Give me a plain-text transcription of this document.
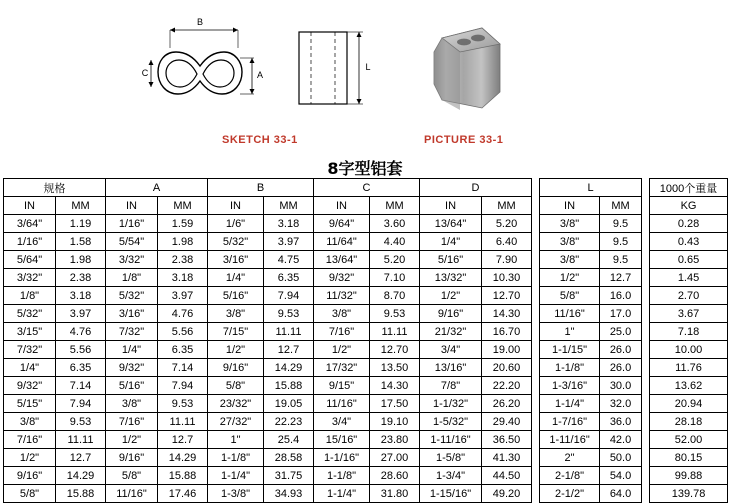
B
C	A
L
SKETCH 33-1	PICTURE 33-1
8字型铝套
规格		A		B		C		D			L			1000个重量
IN	MM	IN	MM	IN	MM	IN	MM	IN	MM		IN	MM		KG
3/64"	1.19	1/16"	1.59	1/6"	3.18	9/64"	3.60	13/64"	5.20		3/8"	9.5		0.28
1/16"	1.58	5/54"	1.98	5/32"	3.97	11/64"	4.40	1/4"	6.40		3/8"	9.5		0.43
5/64"	1.98	3/32"	2.38	3/16"	4.75	13/64"	5.20	5/16"	7.90		3/8"	9.5		0.65
3/32"	2.38	1/8"	3.18	1/4"	6.35	9/32"	7.10	13/32"	10.30		1/2"	12.7		1.45
1/8"	3.18	5/32"	3.97	5/16"	7.94	11/32"	8.70	1/2"	12.70		5/8"	16.0		2.70
5/32"	3.97	3/16"	4.76	3/8"	9.53	3/8"	9.53	9/16"	14.30		11/16"	17.0		3.67
3/15"	4.76	7/32"	5.56	7/15"	11.11	7/16"	11.11	21/32"	16.70		1"	25.0		7.18
7/32"	5.56	1/4"	6.35	1/2"	12.7	1/2"	12.70	3/4"	19.00		1-1/15"	26.0		10.00
1/4"	6.35	9/32"	7.14	9/16"	14.29	17/32"	13.50	13/16"	20.60		1-1/8"	26.0		11.76
9/32"	7.14	5/16"	7.94	5/8"	15.88	9/15"	14.30	7/8"	22.20		1-3/16"	30.0		13.62
5/15"	7.94	3/8"	9.53	23/32"	19.05	11/16"	17.50	1-1/32"	26.20		1-1/4"	32.0		20.94
3/8"	9.53	7/16"	11.11	27/32"	22.23	3/4"	19.10	1-5/32"	29.40		1-7/16"	36.0		28.18
7/16"	11.11	1/2"	12.7	1"	25.4	15/16"	23.80	1-11/16"	36.50		1-11/16"	42.0		52.00
1/2"	12.7	9/16"	14.29	1-1/8"	28.58	1-1/16"	27.00	1-5/8"	41.30		2"	50.0		80.15
9/16"	14.29	5/8"	15.88	1-1/4"	31.75	1-1/8"	28.60	1-3/4"	44.50		2-1/8"	54.0		99.88
5/8"	15.88	11/16"	17.46	1-3/8"	34.93	1-1/4"	31.80	1-15/16"	49.20		2-1/2"	64.0		139.78
